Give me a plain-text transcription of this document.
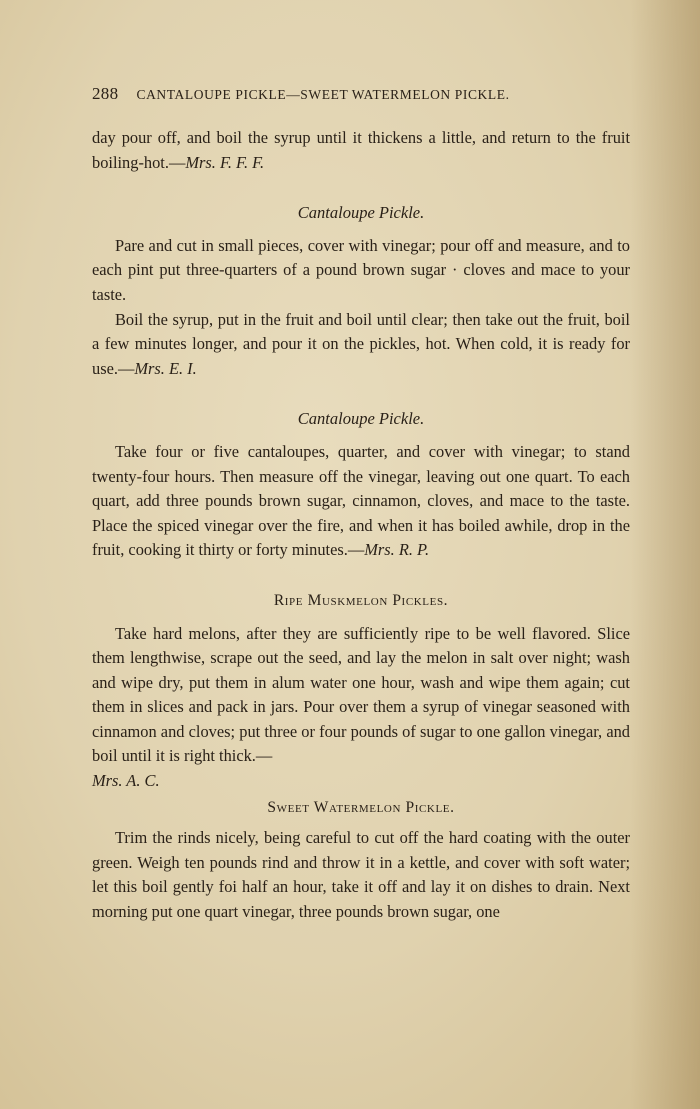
288 CANTALOUPE PICKLE—SWEET WATERMELON PICKLE.

day pour off, and boil the syrup until it thickens a little, and return to the fruit boiling-hot.—Mrs. F. F. F.

Cantaloupe Pickle.

Pare and cut in small pieces, cover with vinegar; pour off and measure, and to each pint put three-quarters of a pound brown sugar · cloves and mace to your taste.

Boil the syrup, put in the fruit and boil until clear; then take out the fruit, boil a few minutes longer, and pour it on the pickles, hot. When cold, it is ready for use.—Mrs. E. I.

Cantaloupe Pickle.

Take four or five cantaloupes, quarter, and cover with vinegar; to stand twenty-four hours. Then measure off the vinegar, leaving out one quart. To each quart, add three pounds brown sugar, cinnamon, cloves, and mace to the taste. Place the spiced vinegar over the fire, and when it has boiled awhile, drop in the fruit, cooking it thirty or forty minutes.—Mrs. R. P.

Ripe Muskmelon Pickles.

Take hard melons, after they are sufficiently ripe to be well flavored. Slice them lengthwise, scrape out the seed, and lay the melon in salt over night; wash and wipe dry, put them in alum water one hour, wash and wipe them again; cut them in slices and pack in jars. Pour over them a syrup of vinegar seasoned with cinnamon and cloves; put three or four pounds of sugar to one gallon vinegar, and boil until it is right thick.—

Mrs. A. C.

Sweet Watermelon Pickle.

Trim the rinds nicely, being careful to cut off the hard coating with the outer green. Weigh ten pounds rind and throw it in a kettle, and cover with soft water; let this boil gently foi half an hour, take it off and lay it on dishes to drain. Next morning put one quart vinegar, three pounds brown sugar, one
